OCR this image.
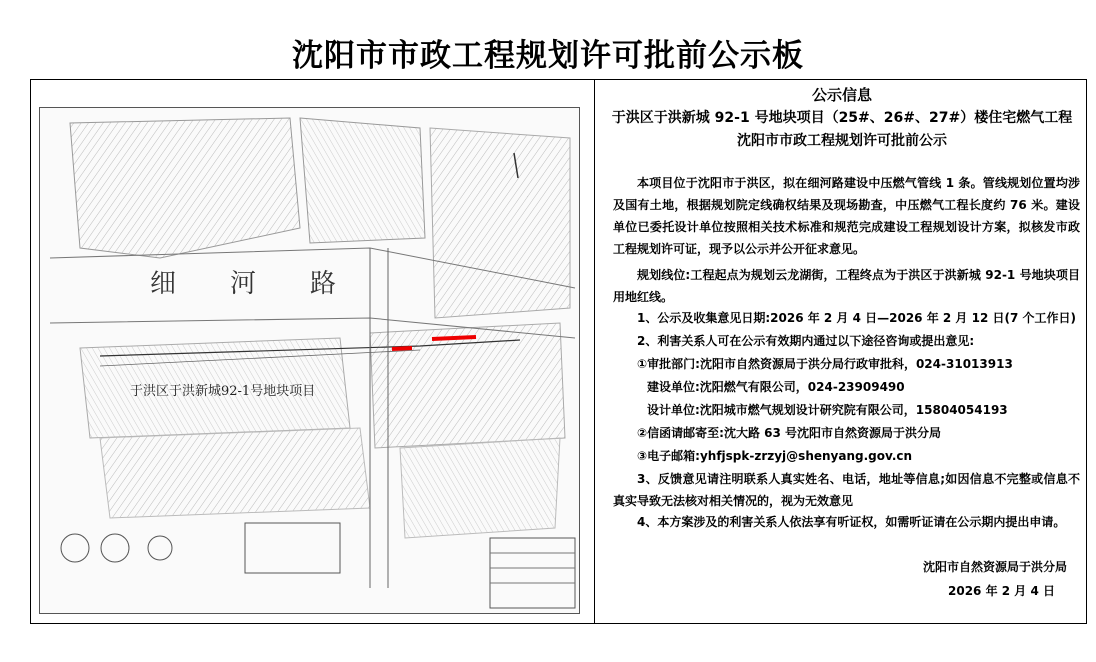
沈阳市市政工程规划许可批前公示板
细 河 路
于洪区于洪新城92-1号地块项目
公示信息
于洪区于洪新城 92-1 号地块项目（25#、26#、27#）楼住宅燃气工程
沈阳市市政工程规划许可批前公示
本项目位于沈阳市于洪区，拟在细河路建设中压燃气管线 1 条。管线规划位置均涉及国有土地，根据规划院定线确权结果及现场勘查，中压燃气工程长度约 76 米。建设单位已委托设计单位按照相关技术标准和规范完成建设工程规划设计方案，拟核发市政工程规划许可证，现予以公示并公开征求意见。
规划线位:工程起点为规划云龙湖街，工程终点为于洪区于洪新城 92-1 号地块项目用地红线。
1、公示及收集意见日期:2026 年 2 月 4 日—2026 年 2 月 12 日(7 个工作日)
2、利害关系人可在公示有效期内通过以下途径咨询或提出意见:
①审批部门:沈阳市自然资源局于洪分局行政审批科，024-31013913
建设单位:沈阳燃气有限公司，024-23909490
设计单位:沈阳城市燃气规划设计研究院有限公司，15804054193
②信函请邮寄至:沈大路 63 号沈阳市自然资源局于洪分局
③电子邮箱:yhfjspk-zrzyj@shenyang.gov.cn
3、反馈意见请注明联系人真实姓名、电话，地址等信息;如因信息不完整或信息不真实导致无法核对相关情况的，视为无效意见
4、本方案涉及的利害关系人依法享有听证权，如需听证请在公示期内提出申请。
沈阳市自然资源局于洪分局
2026 年 2 月 4 日
